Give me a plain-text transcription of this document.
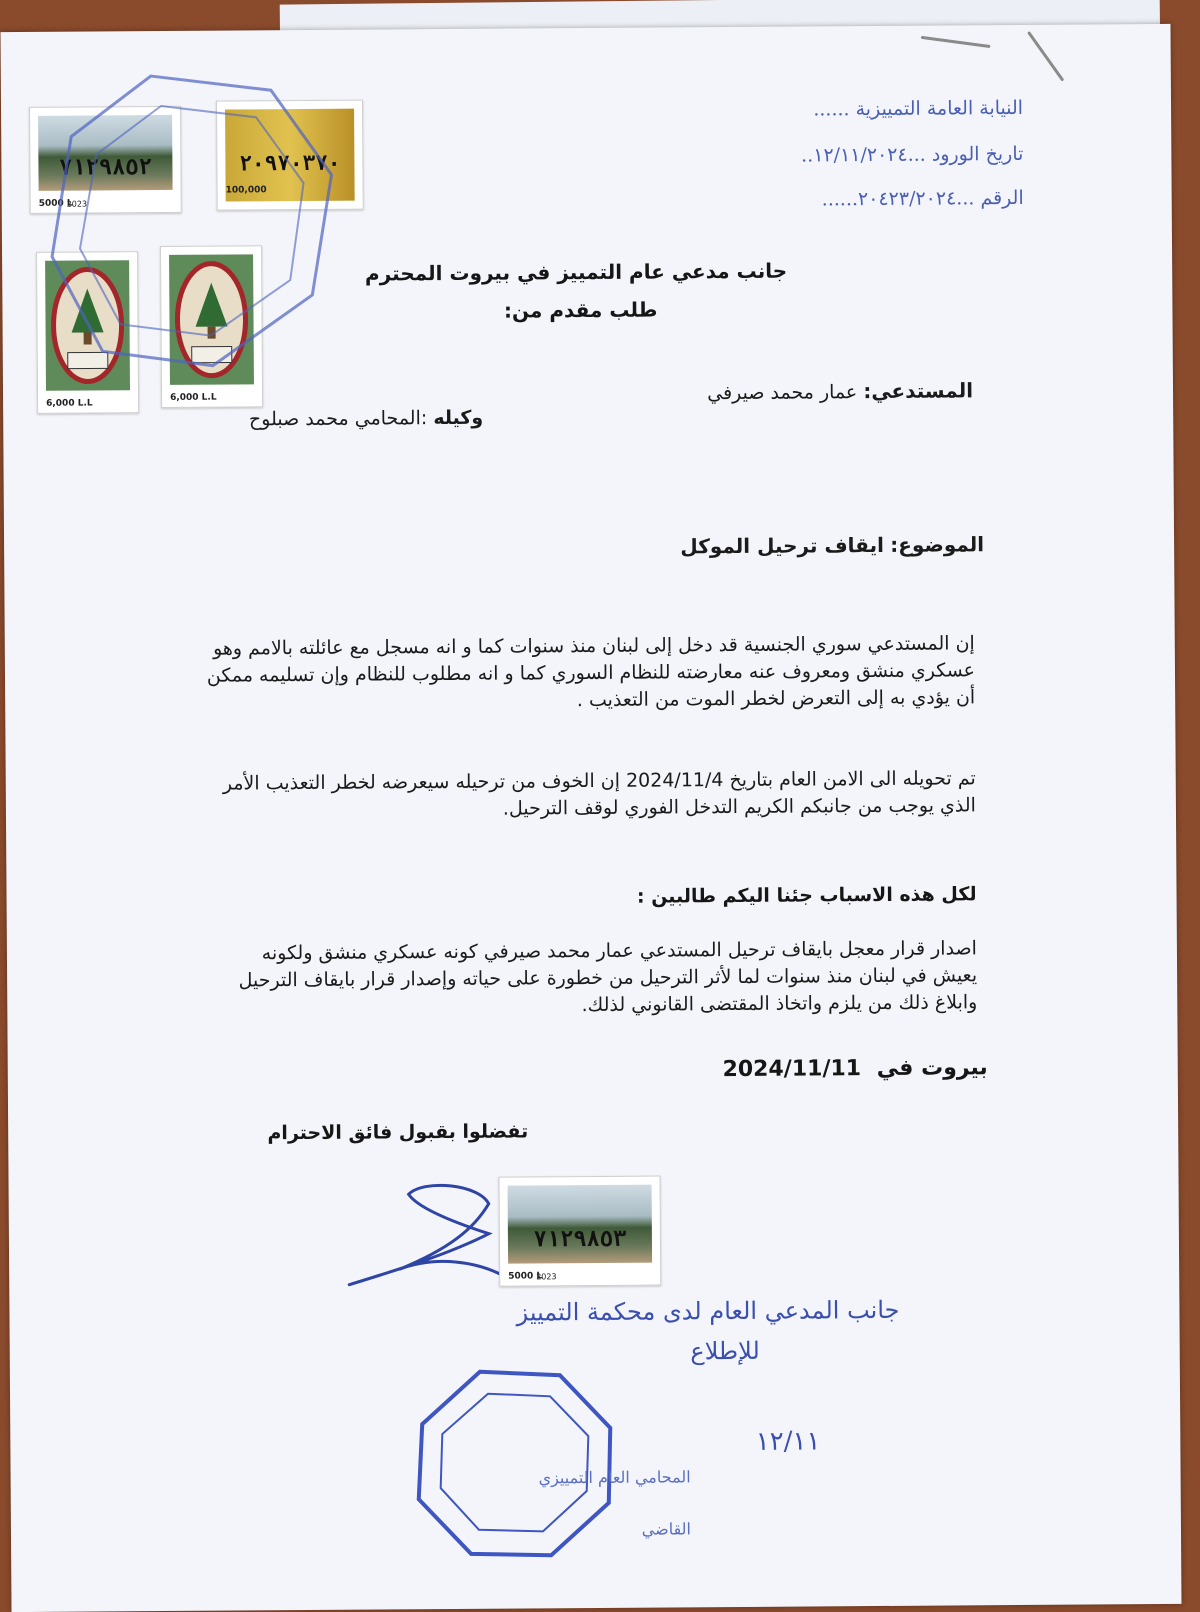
النيابة العامة التمييزية ......
تاريخ الورود ...١٢/١١/٢٠٢٤..
الرقم ...٢٠٤٢٣/٢٠٢٤......
٧١٢٩٨٥٢
5000 L
2023
٢٠٩٧٠٣٧٠
100,000
6,000 L.L
6,000 L.L
جانب مدعي عام التمييز في بيروت المحترم
طلب مقدم من:
المستدعي: عمار محمد صيرفي
وكيله :المحامي محمد صبلوح
الموضوع: ايقاف ترحيل الموكل
إن المستدعي سوري الجنسية قد دخل إلى لبنان منذ سنوات كما و انه مسجل مع عائلته بالامم وهو عسكري منشق ومعروف عنه معارضته للنظام السوري كما و انه مطلوب للنظام وإن تسليمه ممكن أن يؤدي به إلى التعرض لخطر الموت من التعذيب .
تم تحويله الى الامن العام بتاريخ 2024/11/4 إن الخوف من ترحيله سيعرضه لخطر التعذيب الأمر الذي يوجب من جانبكم الكريم التدخل الفوري لوقف الترحيل.
لكل هذه الاسباب جئنا اليكم طالبين :
اصدار قرار معجل بايقاف ترحيل المستدعي عمار محمد صيرفي كونه عسكري منشق ولكونه يعيش في لبنان منذ سنوات لما لأثر الترحيل من خطورة على حياته وإصدار قرار بايقاف الترحيل وابلاغ ذلك من يلزم واتخاذ المقتضى القانوني لذلك.
بيروت في 2024/11/11
تفضلوا بقبول فائق الاحترام
٧١٢٩٨٥٣
5000 L
2023
جانب المدعي العام لدى محكمة التمييز
للإطلاع
١٢/١١
المحامي العام التمييزي
القاضي
